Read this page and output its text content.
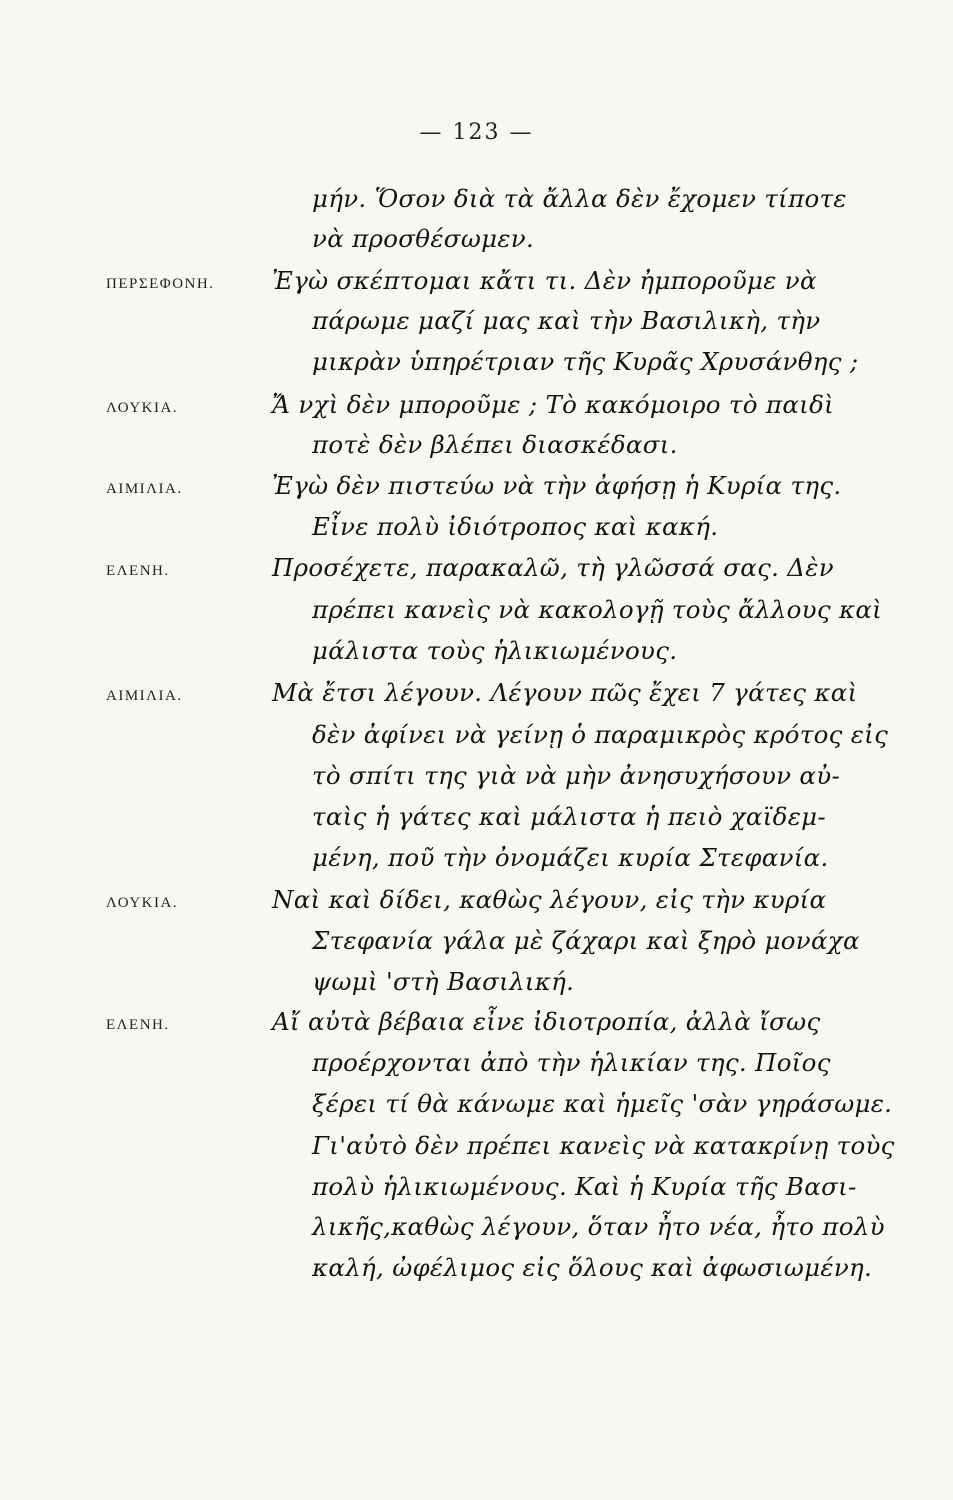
— 123 —
ΠΕΡΣΕΦΟΝΗ.
ΛΟΥΚΙΑ.
ΑΙΜΙΛΙΑ.
ΕΛΕΝΗ.
ΑΙΜΙΛΙΑ.
ΛΟΥΚΙΑ.
ΕΛΕΝΗ.
μήν. Ὅσον διὰ τὰ ἄλλα δὲν ἔχομεν τίποτε
νὰ προσθέσωμεν.
Ἐγὼ σκέπτομαι κἄτι τι. Δὲν ἠμποροῦμε νὰ
πάρωμε μαζί μας καὶ τὴν Βασιλικὴ, τὴν
μικρὰν ὑπηρέτριαν τῆς Κυρᾶς Χρυσάνθης ;
Ἄ νχὶ δὲν μποροῦμε ; Τὸ κακόμοιρο τὸ παιδὶ
ποτὲ δὲν βλέπει διασκέδασι.
Ἐγὼ δὲν πιστεύω νὰ τὴν ἀφήσῃ ἡ Κυρία της.
Εἶνε πολὺ ἰδιότροπος καὶ κακή.
Προσέχετε, παρακαλῶ, τὴ γλῶσσά σας. Δὲν
πρέπει κανεὶς νὰ κακολογῇ τοὺς ἄλλους καὶ
μάλιστα τοὺς ἡλικιωμένους.
Μὰ ἔτσι λέγουν. Λέγουν πῶς ἔχει 7 γάτες καὶ
δὲν ἀφίνει νὰ γείνῃ ὁ παραμικρὸς κρότος εἰς
τὸ σπίτι της γιὰ νὰ μὴν ἀνησυχήσουν αὐ-
ταὶς ἡ γάτες καὶ μάλιστα ἡ πειὸ χαϊδεμ-
μένη, ποῦ τὴν ὀνομάζει κυρία Στεφανία.
Ναὶ καὶ δίδει, καθὼς λέγουν, εἰς τὴν κυρία
Στεφανία γάλα μὲ ζάχαρι καὶ ξηρὸ μονάχα
ψωμὶ 'στὴ Βασιλική.
Αἴ αὐτὰ βέβαια εἶνε ἰδιοτροπία, ἀλλὰ ἴσως
προέρχονται ἀπὸ τὴν ἡλικίαν της. Ποῖος
ξέρει τί θὰ κάνωμε καὶ ἡμεῖς 'σὰν γηράσωμε.
Γι'αὐτὸ δὲν πρέπει κανεὶς νὰ κατακρίνῃ τοὺς
πολὺ ἡλικιωμένους. Καὶ ἡ Κυρία τῆς Βασι-
λικῆς,καθὼς λέγουν, ὅταν ἦτο νέα, ἦτο πολὺ
καλή, ὠφέλιμος εἰς ὅλους καὶ ἀφωσιωμένη.
